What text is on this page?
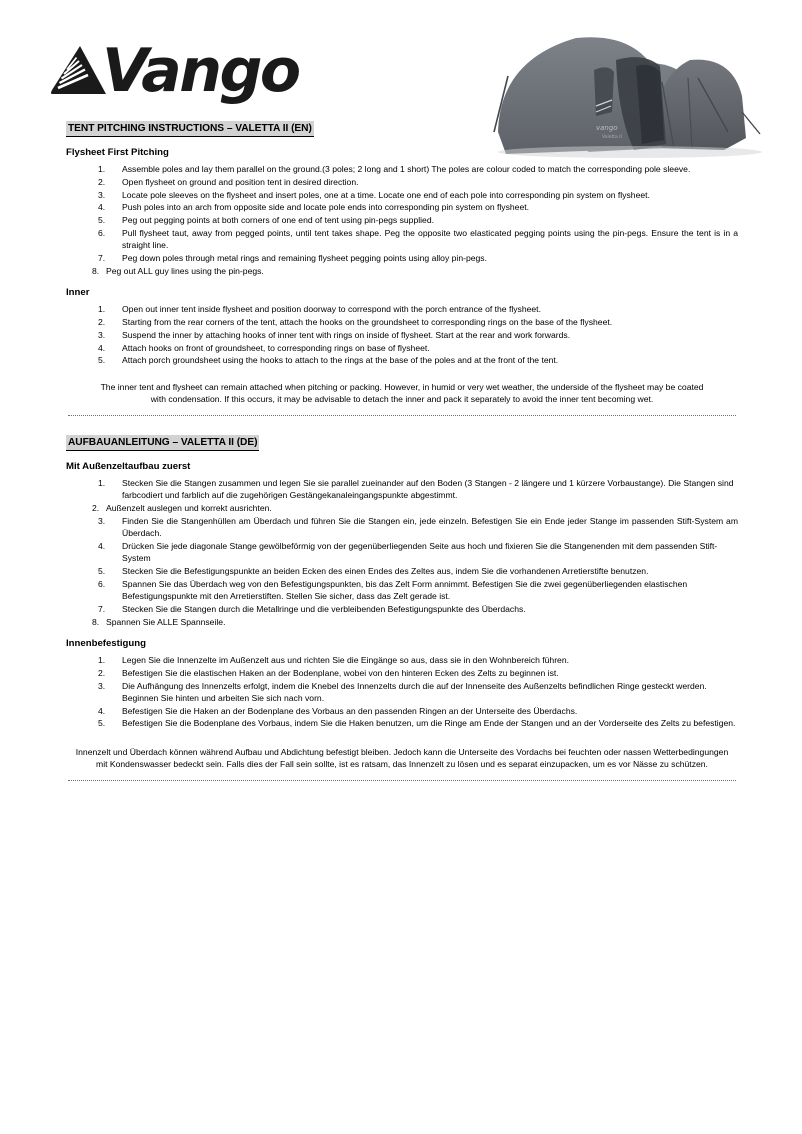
Vango
vango
Valetta II
TENT PITCHING INSTRUCTIONS – VALETTA II (EN)
Flysheet First Pitching
Assemble poles and lay them parallel on the ground.(3 poles; 2 long and 1 short) The poles are colour coded to match the corresponding pole sleeve.
Open flysheet on ground and position tent in desired direction.
Locate pole sleeves on the flysheet and insert poles, one at a time. Locate one end of each pole into corresponding pin system on flysheet.
Push poles into an arch from opposite side and locate pole ends into corresponding pin system on flysheet.
Peg out pegging points at both corners of one end of tent using pin-pegs supplied.
Pull flysheet taut, away from pegged points, until tent takes shape. Peg the opposite two elasticated pegging points using the pin-pegs. Ensure the tent is in a straight line.
Peg down poles through metal rings and remaining flysheet pegging points using alloy pin-pegs.
Peg out ALL guy lines using the pin-pegs.
Inner
Open out inner tent inside flysheet and position doorway to correspond with the porch entrance of the flysheet.
Starting from the rear corners of the tent, attach the hooks on the groundsheet to corresponding rings on the base of the flysheet.
Suspend the inner by attaching hooks of inner tent with rings on inside of flysheet. Start at the rear and work forwards.
Attach hooks on front of groundsheet, to corresponding rings on base of flysheet.
Attach porch groundsheet using the hooks to attach to the rings at the base of the poles and at the front of the tent.
The inner tent and flysheet can remain attached when pitching or packing. However, in humid or very wet weather, the underside of the flysheet may be coated with condensation. If this occurs, it may be advisable to detach the inner and pack it separately to avoid the inner tent becoming wet.
AUFBAUANLEITUNG – VALETTA II (DE)
Mit Außenzeltaufbau zuerst
Stecken Sie die Stangen zusammen und legen Sie sie parallel zueinander auf den Boden (3 Stangen - 2 längere und 1 kürzere Vorbaustange). Die Stangen sind farbcodiert und farblich auf die zugehörigen Gestängekanaleingangspunkte abgestimmt.
Außenzelt auslegen und korrekt ausrichten.
Finden Sie die Stangenhüllen am Überdach und führen Sie die Stangen ein, jede einzeln. Befestigen Sie ein Ende jeder Stange im passenden Stift-System am Überdach.
Drücken Sie jede diagonale Stange gewölbeförmig von der gegenüberliegenden Seite aus hoch und fixieren Sie die Stangenenden mit dem passenden Stift-System
Stecken Sie die Befestigungspunkte an beiden Ecken des einen Endes des Zeltes aus, indem Sie die vorhandenen Arretierstifte benutzen.
Spannen Sie das Überdach weg von den Befestigungspunkten, bis das Zelt Form annimmt. Befestigen Sie die zwei gegenüberliegenden elastischen Befestigungspunkte mit den Arretierstiften. Stellen Sie sicher, dass das Zelt gerade ist.
Stecken Sie die Stangen durch die Metallringe und die verbleibenden Befestigungspunkte des Überdachs.
Spannen Sie ALLE Spannseile.
Innenbefestigung
Legen Sie die Innenzelte im Außenzelt aus und richten Sie die Eingänge so aus, dass sie in den Wohnbereich führen.
Befestigen Sie die elastischen Haken an der Bodenplane, wobei von den hinteren Ecken des Zelts zu beginnen ist.
Die Aufhängung des Innenzelts erfolgt, indem die Knebel des Innenzelts durch die auf der Innenseite des Außenzelts befindlichen Ringe gesteckt werden. Beginnen Sie hinten und arbeiten Sie sich nach vorn.
Befestigen Sie die Haken an der Bodenplane des Vorbaus an den passenden Ringen an der Unterseite des Überdachs.
Befestigen Sie die Bodenplane des Vorbaus, indem Sie die Haken benutzen, um die Ringe am Ende der Stangen und an der Vorderseite des Zelts zu befestigen.
Innenzelt und Überdach können während Aufbau und Abdichtung befestigt bleiben. Jedoch kann die Unterseite des Vordachs bei feuchten oder nassen Wetterbedingungen mit Kondenswasser bedeckt sein. Falls dies der Fall sein sollte, ist es ratsam, das Innenzelt zu lösen und es separat einzupacken, um es vor Nässe zu schützen.
